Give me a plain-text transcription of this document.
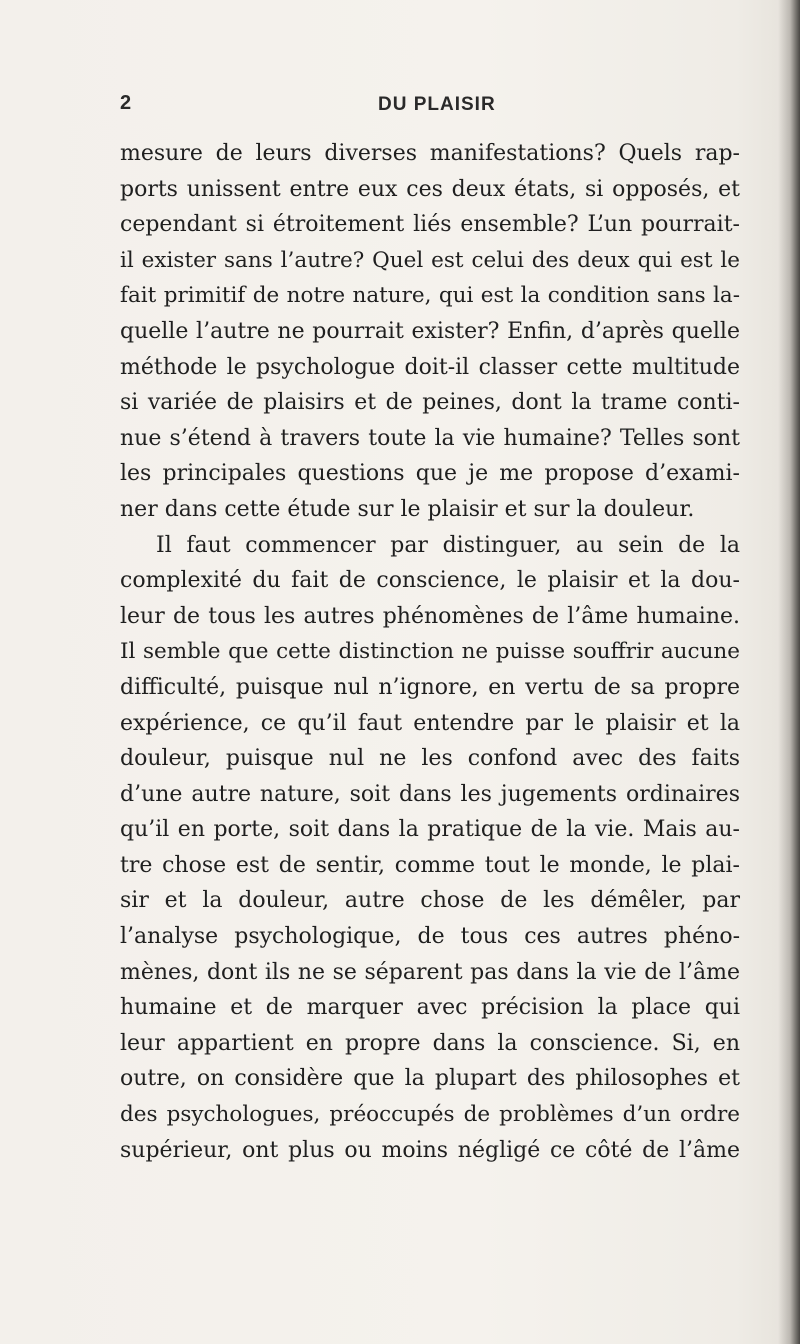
2	DU PLAISIR
mesure de leurs diverses manifestations? Quels rap-
ports unissent entre eux ces deux états, si opposés, et
cependant si étroitement liés ensemble? L’un pourrait-
il exister sans l’autre? Quel est celui des deux qui est le
fait primitif de notre nature, qui est la condition sans la-
quelle l’autre ne pourrait exister? Enfin, d’après quelle
méthode le psychologue doit-il classer cette multitude
si variée de plaisirs et de peines, dont la trame conti-
nue s’étend à travers toute la vie humaine? Telles sont
les principales questions que je me propose d’exami-
ner dans cette étude sur le plaisir et sur la douleur.
Il faut commencer par distinguer, au sein de la
complexité du fait de conscience, le plaisir et la dou-
leur de tous les autres phénomènes de l’âme humaine.
Il semble que cette distinction ne puisse souffrir aucune
difficulté, puisque nul n’ignore, en vertu de sa propre
expérience, ce qu’il faut entendre par le plaisir et la
douleur, puisque nul ne les confond avec des faits
d’une autre nature, soit dans les jugements ordinaires
qu’il en porte, soit dans la pratique de la vie. Mais au-
tre chose est de sentir, comme tout le monde, le plai-
sir et la douleur, autre chose de les démêler, par
l’analyse psychologique, de tous ces autres phéno-
mènes, dont ils ne se séparent pas dans la vie de l’âme
humaine et de marquer avec précision la place qui
leur appartient en propre dans la conscience. Si, en
outre, on considère que la plupart des philosophes et
des psychologues, préoccupés de problèmes d’un ordre
supérieur, ont plus ou moins négligé ce côté de l’âme
